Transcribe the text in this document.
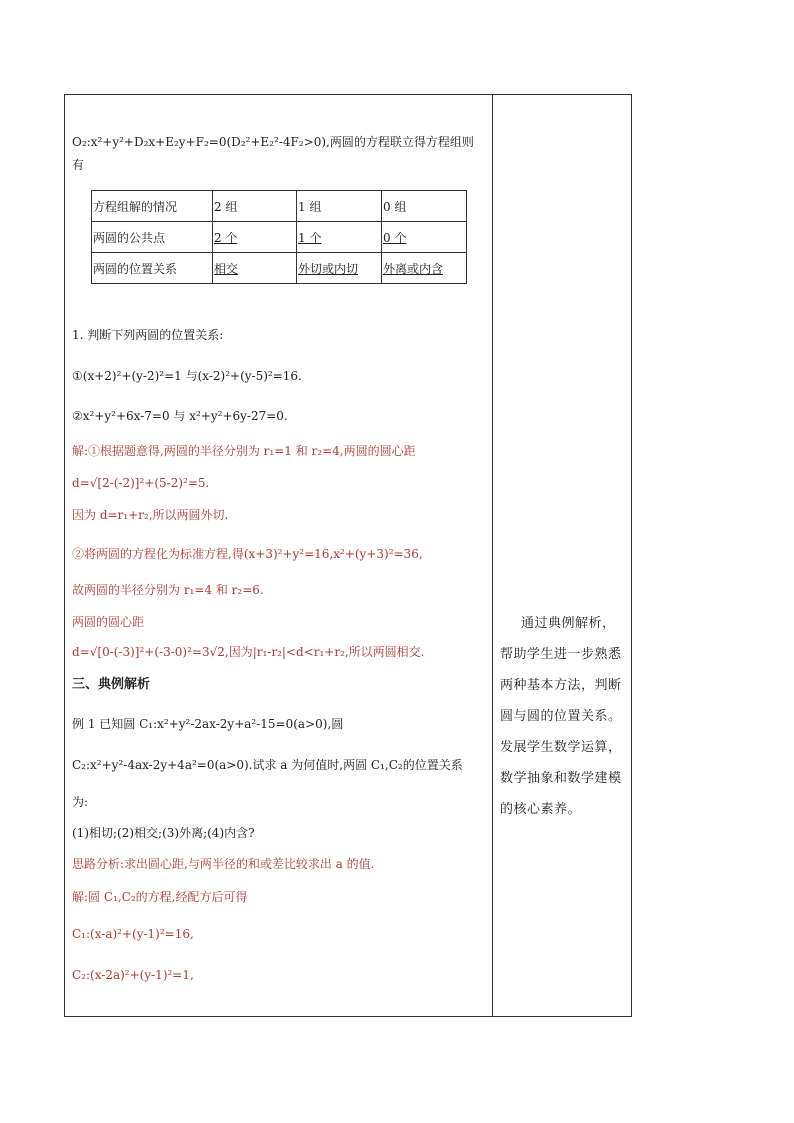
O₂:x²+y²+D₂x+E₂y+F₂=0(D₂²+E₂²-4F₂>0),两圆的方程联立得方程组则
有
方程组解的情况	2 组	1 组	0 组
两圆的公共点	2 个	1 个	0 个
两圆的位置关系	相交	外切或内切	外离或内含
1. 判断下列两圆的位置关系:
①(x+2)²+(y-2)²=1 与(x-2)²+(y-5)²=16.
②x²+y²+6x-7=0 与 x²+y²+6y-27=0.
解:①根据题意得,两圆的半径分别为 r₁=1 和 r₂=4,两圆的圆心距
d=√[2-(-2)]²+(5-2)²=5.
因为 d=r₁+r₂,所以两圆外切.
②将两圆的方程化为标准方程,得(x+3)²+y²=16,x²+(y+3)²=36,
故两圆的半径分别为 r₁=4 和 r₂=6.
两圆的圆心距
d=√[0-(-3)]²+(-3-0)²=3√2,因为|r₁-r₂|<d<r₁+r₂,所以两圆相交.
三、典例解析
例 1 已知圆 C₁:x²+y²-2ax-2y+a²-15=0(a>0),圆
C₂:x²+y²-4ax-2y+4a²=0(a>0).试求 a 为何值时,两圆 C₁,C₂的位置关系
为:
(1)相切;(2)相交;(3)外离;(4)内含?
思路分析:求出圆心距,与两半径的和或差比较求出 a 的值.
解:圆 C₁,C₂的方程,经配方后可得
C₁:(x-a)²+(y-1)²=16,
C₂:(x-2a)²+(y-1)²=1,
通过典例解析，帮助学生进一步熟悉两种基本方法，判断圆与圆的位置关系。发展学生数学运算，数学抽象和数学建模的核心素养。
